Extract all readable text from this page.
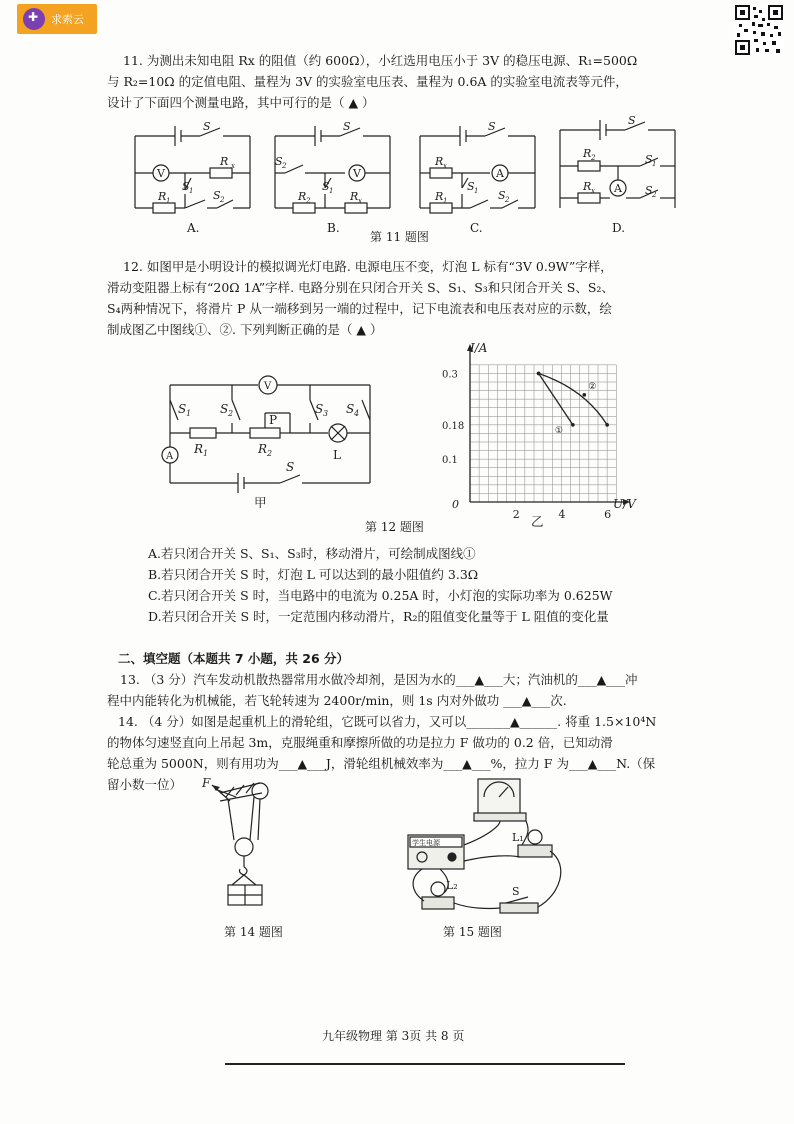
✚
求索云
11. 为测出未知电阻 Rx 的阻值（约 600Ω），小红选用电压小于 3V 的稳压电源、R₁=500Ω
与 R₂=10Ω 的定值电阻、量程为 3V 的实验室电压表、量程为 0.6A 的实验室电流表等元件，
设计了下面四个测量电路，其中可行的是（ ▲ ）
S
R x
V
S 1 S 2
R 1
S
S 2
V
S 1
R 2	R x
S
R x
A
S 1 S 2
R 1
S
R 2	S 1
A
R x	S 2
A.	B.	C.	D.
第 11 题图
12. 如图甲是小明设计的模拟调光灯电路. 电源电压不变，灯泡 L 标有“3V 0.9W”字样，
滑动变阻器上标有“20Ω 1A”字样. 电路分别在只闭合开关 S、S₁、S₃和只闭合开关 S、S₂、
S₄两种情况下，将滑片 P 从一端移到另一端的过程中，记下电流表和电压表对应的示数，绘
制成图乙中图线①、②. 下列判断正确的是（ ▲ ）
V
S 1 S 2	S 3 S 4
R 1	R 2
P
L
A
S
甲
2	4	6
0.1
0.18
0.3
①
②
I/A
U/V
0
乙
第 12 题图
A.若只闭合开关 S、S₁、S₃时，移动滑片，可绘制成图线①
B.若只闭合开关 S 时，灯泡 L 可以达到的最小阻值约 3.3Ω
C.若只闭合开关 S 时，当电路中的电流为 0.25A 时，小灯泡的实际功率为 0.625W
D.若只闭合开关 S 时，一定范围内移动滑片，R₂的阻值变化量等于 L 阻值的变化量
二、填空题（本题共 7 小题，共 26 分）
13. （3 分）汽车发动机散热器常用水做冷却剂，是因为水的___▲___大；汽油机的___▲___冲
程中内能转化为机械能，若飞轮转速为 2400r/min，则 1s 内对外做功 ___▲___次.
14. （4 分）如图是起重机上的滑轮组，它既可以省力，又可以_______▲______. 将重 1.5×10⁴N
的物体匀速竖直向上吊起 3m，克服绳重和摩擦所做的功是拉力 F 做功的 0.2 倍，已知动滑
轮总重为 5000N，则有用功为___▲___J，滑轮组机械效率为___▲___%，拉力 F 为___▲___N.（保
留小数一位） F
第 14 题图
学生电源	L₁
L₂	S
第 15 题图
九年级物理 第 3页 共 8 页
